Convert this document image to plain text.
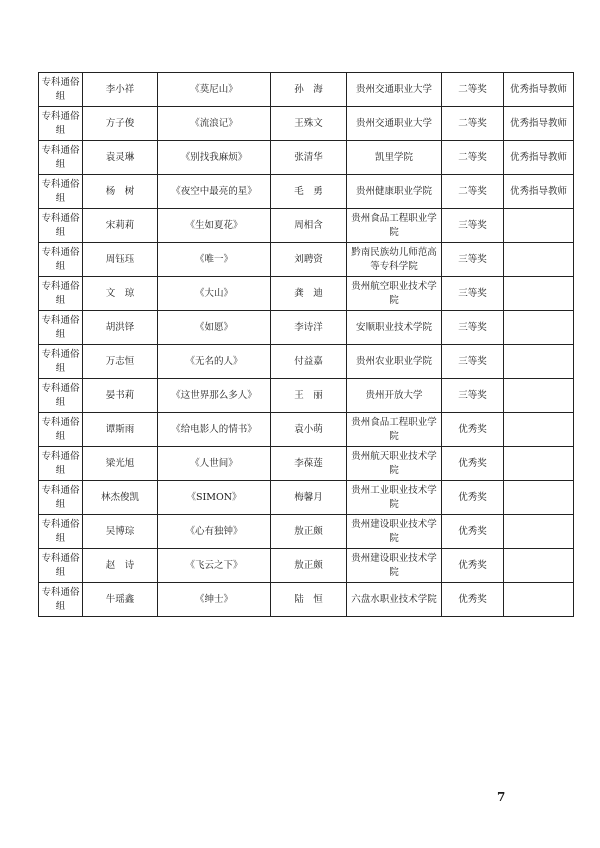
专科通俗组	李小祥	《莫尼山》	孙　海	贵州交通职业大学	二等奖	优秀指导教师
专科通俗组	方子俊	《流浪记》	王殊文	贵州交通职业大学	二等奖	优秀指导教师
专科通俗组	袁灵琳	《别找我麻烦》	张清华	凯里学院	二等奖	优秀指导教师
专科通俗组	杨　树	《夜空中最亮的星》	毛　勇	贵州健康职业学院	二等奖	优秀指导教师
专科通俗组	宋莉莉	《生如夏花》	周相含	贵州食品工程职业学院	三等奖	
专科通俗组	周钰珏	《唯一》	刘聘资	黔南民族幼儿师范高等专科学院	三等奖	
专科通俗组	文　琼	《大山》	龚　迪	贵州航空职业技术学院	三等奖	
专科通俗组	胡洪铎	《如愿》	李诗洋	安顺职业技术学院	三等奖	
专科通俗组	万志恒	《无名的人》	付益嘉	贵州农业职业学院	三等奖	
专科通俗组	晏书莉	《这世界那么多人》	王　丽	贵州开放大学	三等奖	
专科通俗组	谭斯雨	《给电影人的情书》	袁小萌	贵州食品工程职业学院	优秀奖	
专科通俗组	梁光旭	《人世间》	李葆莲	贵州航天职业技术学院	优秀奖	
专科通俗组	林杰俊凯	《SIMON》	梅馨月	贵州工业职业技术学院	优秀奖	
专科通俗组	吴博琮	《心有独钟》	敖正颇	贵州建设职业技术学院	优秀奖	
专科通俗组	赵　诗	《飞云之下》	敖正颇	贵州建设职业技术学院	优秀奖	
专科通俗组	牛瑶鑫	《绅士》	陆　恒	六盘水职业技术学院	优秀奖	
7
